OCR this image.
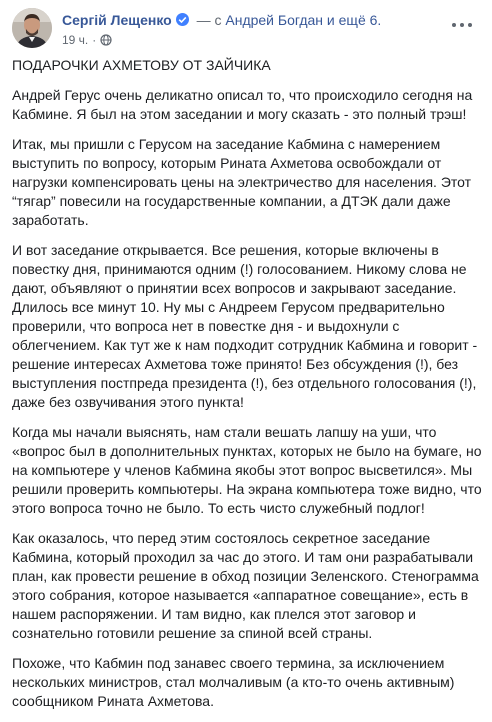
Сергій Лещенко — с Андрей Богдан и ещё 6.
19 ч. ·

ПОДАРОЧКИ АХМЕТОВУ ОТ ЗАЙЧИКА

Андрей Герус очень деликатно описал то, что происходило сегодня на Кабмине. Я был на этом заседании и могу сказать - это полный трэш!

Итак, мы пришли с Герусом на заседание Кабмина с намерением выступить по вопросу, которым Рината Ахметова освобождали от нагрузки компенсировать цены на электричество для населения. Этот “тягар” повесили на государственные компании, а ДТЭК дали даже заработать.

И вот заседание открывается. Все решения, которые включены в повестку дня, принимаются одним (!) голосованием. Никому слова не дают, объявляют о принятии всех вопросов и закрывают заседание. Длилось все минут 10. Ну мы с Андреем Герусом предварительно проверили, что вопроса нет в повестке дня - и выдохнули с облегчением. Как тут же к нам подходит сотрудник Кабмина и говорит - решение интересах Ахметова тоже принято! Без обсуждения (!), без выступления постпреда президента (!), без отдельного голосования (!), даже без озвучивания этого пункта!

Когда мы начали выяснять, нам стали вешать лапшу на уши, что «вопрос был в дополнительных пунктах, которых не было на бумаге, но на компьютере у членов Кабмина якобы этот вопрос высветился». Мы решили проверить компьютеры. На экрана компьютера тоже видно, что этого вопроса точно не было. То есть чисто служебный подлог!

Как оказалось, что перед этим состоялось секретное заседание Кабмина, который проходил за час до этого. И там они разрабатывали план, как провести решение в обход позиции Зеленского. Стенограмма этого собрания, которое называется «аппаратное совещание», есть в нашем распоряжении. И там видно, как плелся этот заговор и сознательно готовили решение за спиной всей страны.

Похоже, что Кабмин под занавес своего термина, за исключением нескольких министров, стал молчаливым (а кто-то очень активным) сообщником Рината Ахметова.
